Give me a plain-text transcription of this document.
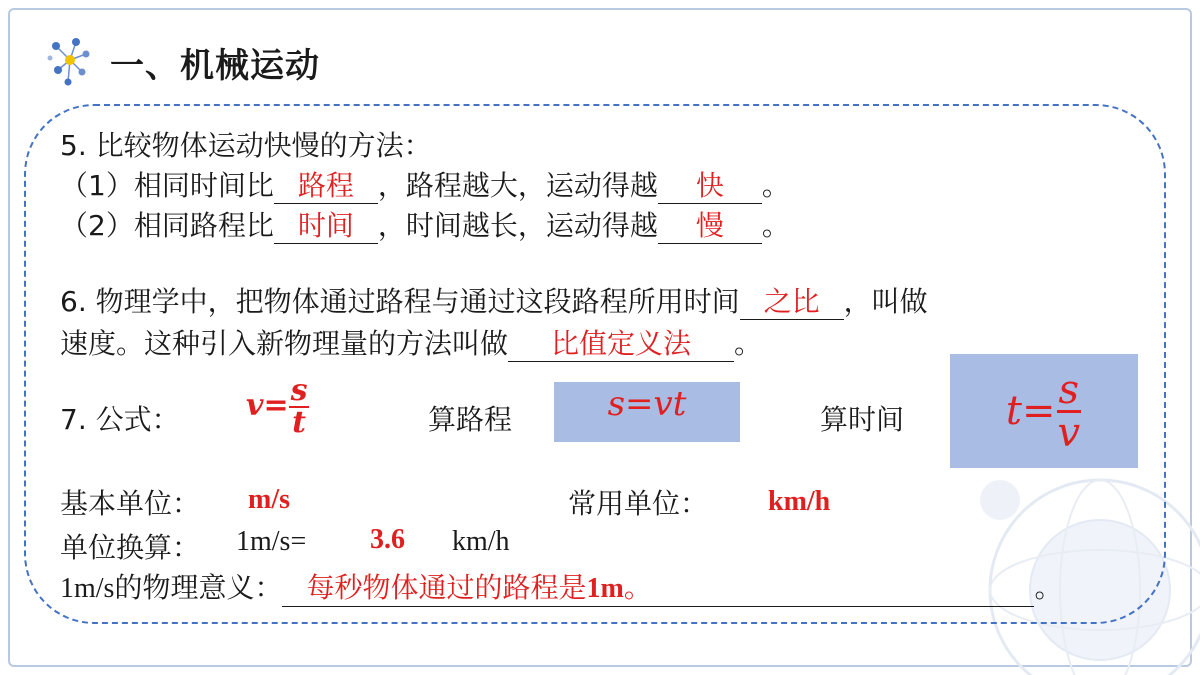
一、机械运动
5. 比较物体运动快慢的方法：
（1）相同时间比 路程 ，路程越大，运动得越 快 。
（2）相同路程比 时间 ，时间越长，运动得越 慢 。
6. 物理学中，把物体通过路程与通过这段路程所用时间 之比 ，叫做
速度。这种引入新物理量的方法叫做 比值定义法 。
7. 公式： $v= \frac{s}{t}$	算路程	s=vt	算时间	$t= \frac{s}{v}$
基本单位： m/s	常用单位： km/h
单位换算： 1m/s= 3.6 km/h
1m/s的物理意义： 每秒物体通过的路程是1m。	。
